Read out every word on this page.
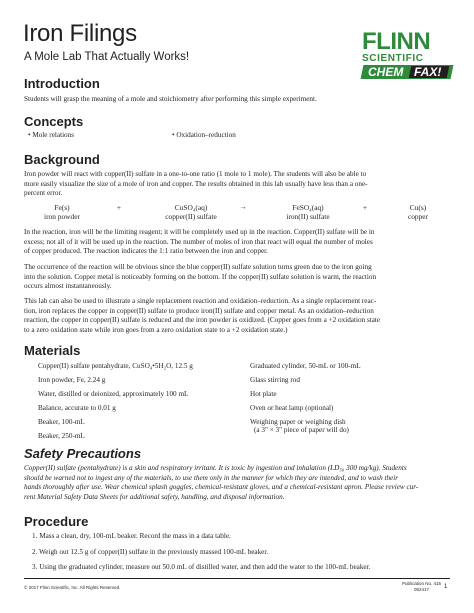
Iron Filings
A Mole Lab That Actually Works!
FLINN
SCIENTIFIC
CHEM FAX!
Introduction
Students will grasp the meaning of a mole and stoichiometry after performing this simple experiment.
Concepts
• Mole relations	• Oxidation–reduction
Background
Iron powder will react with copper(II) sulfate in a one-to-one ratio (1 mole to 1 mole). The students will also be able to
more easily visualize the size of a mole of iron and copper. The results obtained in this lab usually have less than a one-
percent error.
Fe(s)	+	CuSO₄(aq)	→	FeSO₄(aq)	+	Cu(s)
iron powder	copper(II) sulfate	iron(II) sulfate	copper
In the reaction, iron will be the limiting reagent; it will be completely used up in the reaction. Copper(II) sulfate will be in
excess; not all of it will be used up in the reaction. The number of moles of iron that react will equal the number of moles
of copper produced. The reaction indicates the 1:1 ratio between the iron and copper.
The occurrence of the reaction will be obvious since the blue copper(II) sulfate solution turns green due to the iron going
into the solution. Copper metal is noticeably forming on the bottom. If the copper(II) sulfate solution is warm, the reaction
occurs almost instantaneously.
This lab can also be used to illustrate a single replacement reaction and oxidation–reduction. As a single replacement reac-
tion, iron replaces the copper in copper(II) sulfate to produce iron(II) sulfate and copper metal. As an oxidation–reduction
reaction, the copper in copper(II) sulfate is reduced and the iron powder is oxidized. (Copper goes from a +2 oxidation state
to a zero oxidation state while iron goes from a zero oxidation state to a +2 oxidation state.)
Materials
Copper(II) sulfate pentahydrate, CuSO₄•5H₂O, 12.5 g
Iron powder, Fe, 2.24 g
Water, distilled or deionized, approximately 100 mL
Balance, accurate to 0.01 g
Beaker, 100-mL
Beaker, 250-mL
Graduated cylinder, 50-mL or 100-mL
Glass stirring rod
Hot plate
Oven or heat lamp (optional)
Weighing paper or weighing dish
(a 3" × 3" piece of paper will do)
Safety Precautions
Copper(II) sulfate (pentahydrate) is a skin and respiratory irritant. It is toxic by ingestion and inhalation (LD₅₀ 300 mg/kg). Students
should be warned not to ingest any of the materials, to use them only in the manner for which they are intended, and to wash their
hands thoroughly after use. Wear chemical splash goggles, chemical-resistant gloves, and a chemical-resistant apron. Please review cur-
rent Material Safety Data Sheets for additional safety, handling, and disposal information.
Procedure
1. Mass a clean, dry, 100-mL beaker. Record the mass in a data table.
2. Weigh out 12.5 g of copper(II) sulfate in the previously massed 100-mL beaker.
3. Using the graduated cylinder, measure out 50.0 mL of distilled water, and then add the water to the 100-mL beaker.
© 2017 Flinn Scientific, Inc. All Rights Reserved.
Publication No. 416
052417 1
